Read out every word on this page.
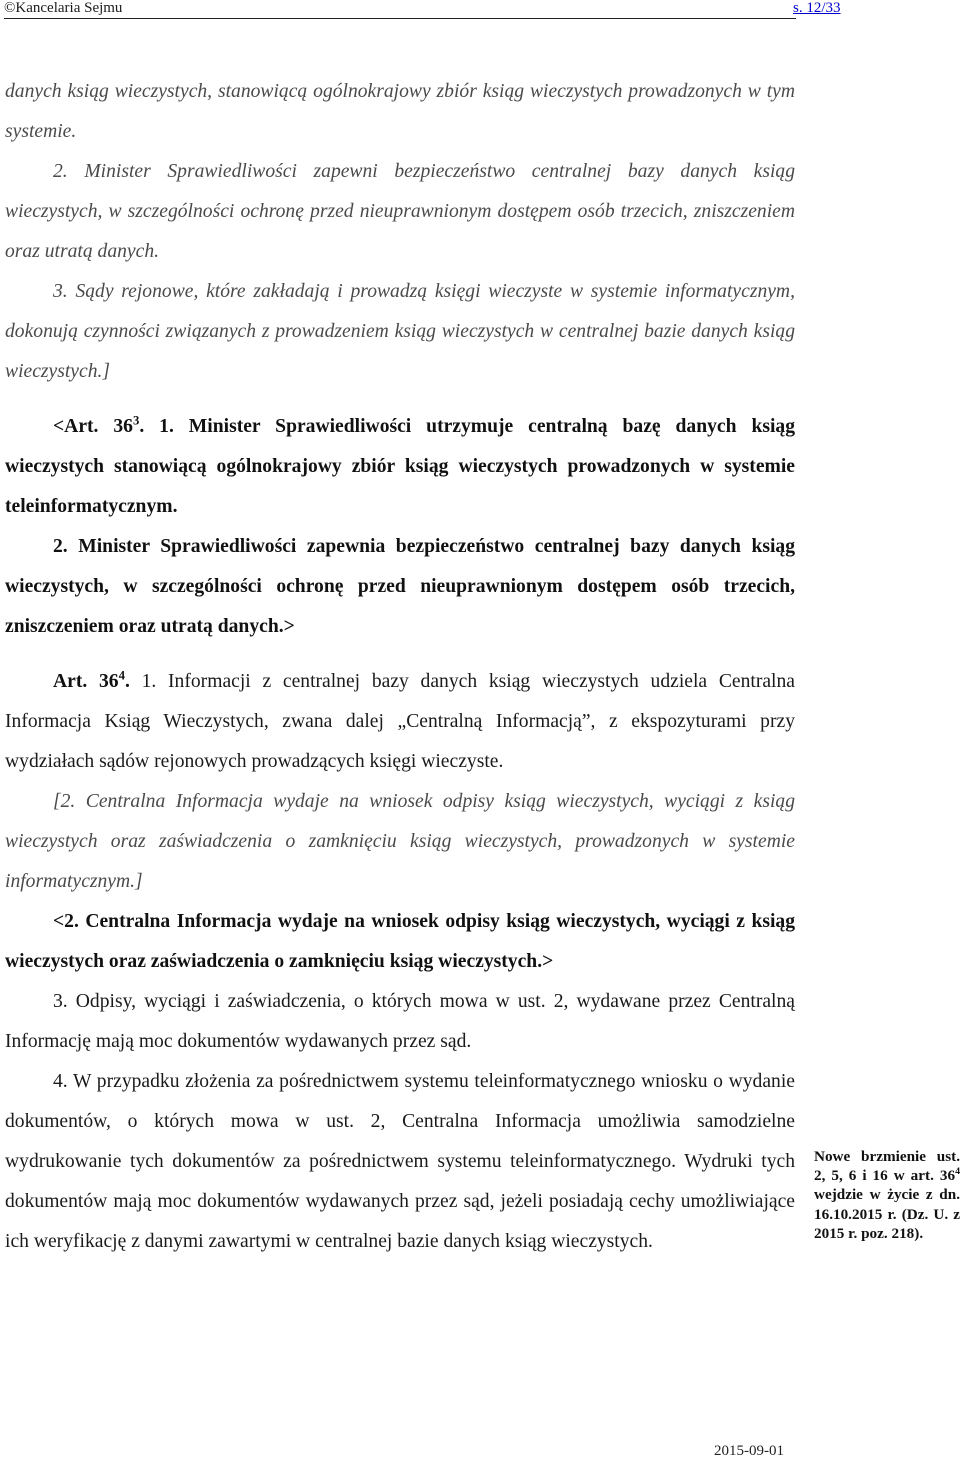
©Kancelaria Sejmu	s. 12/33

danych ksiąg wieczystych, stanowiącą ogólnokrajowy zbiór ksiąg wieczystych prowadzonych w tym systemie.

2. Minister Sprawiedliwości zapewni bezpieczeństwo centralnej bazy danych ksiąg wieczystych, w szczególności ochronę przed nieuprawnionym dostępem osób trzecich, zniszczeniem oraz utratą danych.

3. Sądy rejonowe, które zakładają i prowadzą księgi wieczyste w systemie informatycznym, dokonują czynności związanych z prowadzeniem ksiąg wieczystych w centralnej bazie danych ksiąg wieczystych.]

<Art. $36^3$. 1. Minister Sprawiedliwości utrzymuje centralną bazę danych ksiąg wieczystych stanowiącą ogólnokrajowy zbiór ksiąg wieczystych prowadzonych w systemie teleinformatycznym.

2. Minister Sprawiedliwości zapewnia bezpieczeństwo centralnej bazy danych ksiąg wieczystych, w szczególności ochronę przed nieuprawnionym dostępem osób trzecich, zniszczeniem oraz utratą danych.>

Art. $36^4$. 1. Informacji z centralnej bazy danych ksiąg wieczystych udziela Centralna Informacja Ksiąg Wieczystych, zwana dalej „Centralną Informacją”, z ekspozyturami przy wydziałach sądów rejonowych prowadzących księgi wieczyste.

[2. Centralna Informacja wydaje na wniosek odpisy ksiąg wieczystych, wyciągi z ksiąg wieczystych oraz zaświadczenia o zamknięciu ksiąg wieczystych, prowadzonych w systemie informatycznym.]

<2. Centralna Informacja wydaje na wniosek odpisy ksiąg wieczystych, wyciągi z ksiąg wieczystych oraz zaświadczenia o zamknięciu ksiąg wieczystych.>

3. Odpisy, wyciągi i zaświadczenia, o których mowa w ust. 2, wydawane przez Centralną Informację mają moc dokumentów wydawanych przez sąd.

4. W przypadku złożenia za pośrednictwem systemu teleinformatycznego wniosku o wydanie dokumentów, o których mowa w ust. 2, Centralna Informacja umożliwia samodzielne wydrukowanie tych dokumentów za pośrednictwem systemu teleinformatycznego. Wydruki tych dokumentów mają moc dokumentów wydawanych przez sąd, jeżeli posiadają cechy umożliwiające ich weryfikację z danymi zawartymi w centralnej bazie danych ksiąg wieczystych.

Nowe brzmienie ust. 2, 5, 6 i 16 w art. $36^4$ wejdzie w życie z dn. 16.10.2015 r. (Dz. U. z 2015 r. poz. 218).
2015-09-01
